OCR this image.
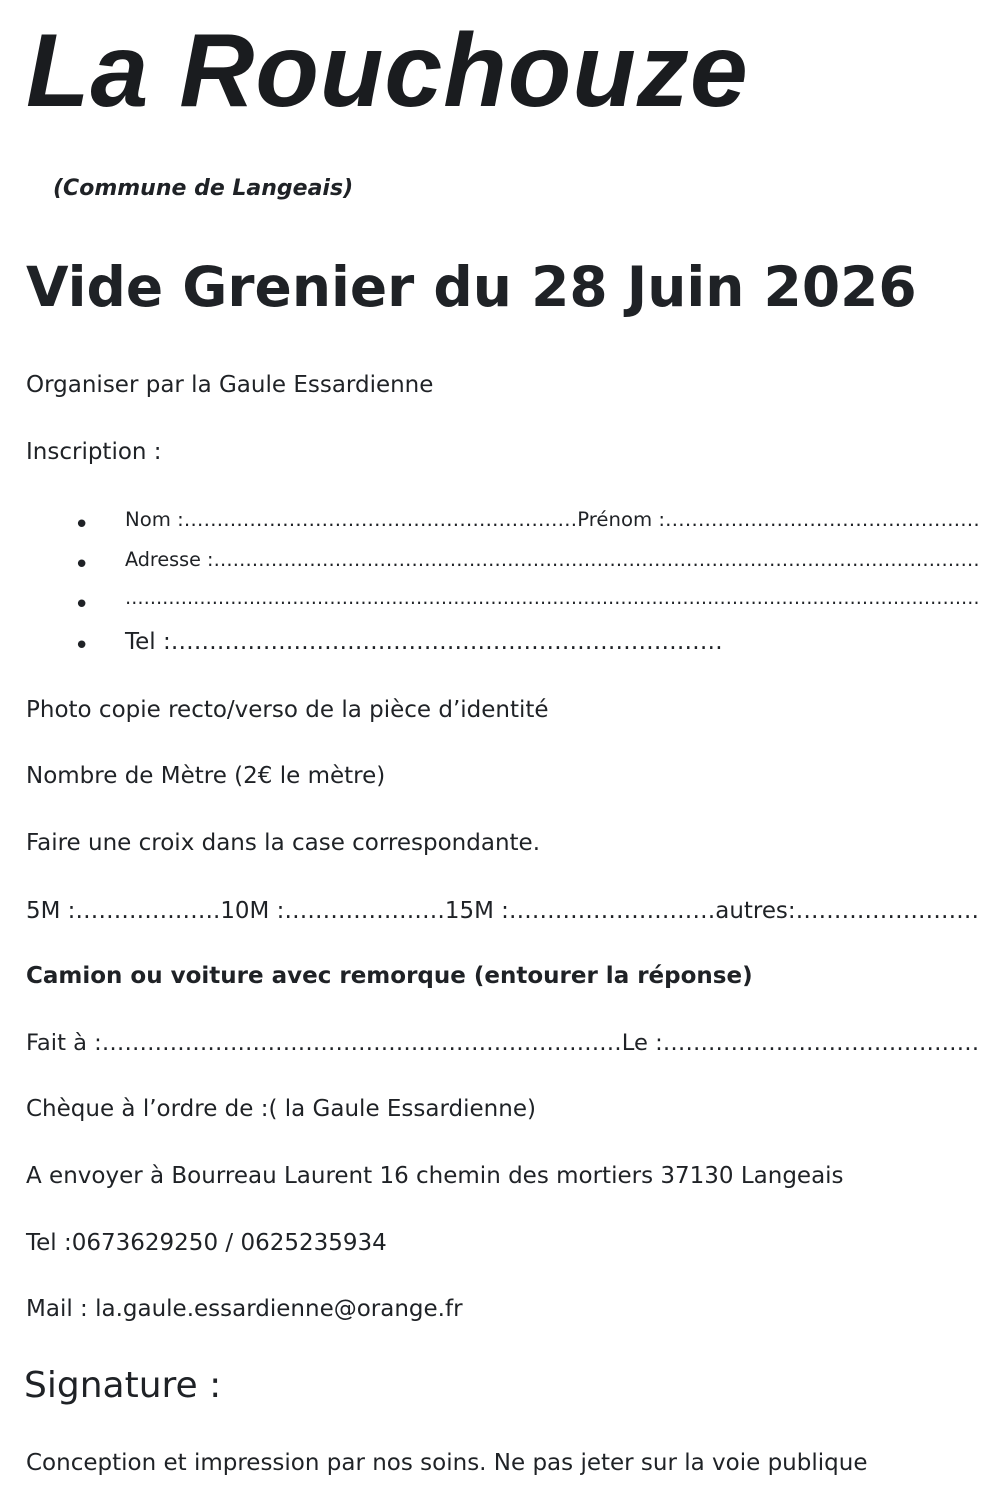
La Rouchouze
(Commune de Langeais)
Vide Grenier du 28 Juin 2026
Organiser par la Gaule Essardienne
Inscription :
• Nom :……………………………………………………Prénom :…………………………………………
• Adresse :…………………………………………………………………………………………………………
• …………………………………………………………………………………………………………………………
• Tel :………………………………………………………………
Photo copie recto/verso de la pièce d’identité
Nombre de Mètre (2€ le mètre)
Faire une croix dans la case correspondante.
5M :……………….10M :…………………15M :………………………autres:……………………
Camion ou voiture avec remorque (entourer la réponse)
Fait à :……………………………………………………………Le :……………………………………
Chèque à l’ordre de :( la Gaule Essardienne)
A envoyer à Bourreau Laurent 16 chemin des mortiers 37130 Langeais
Tel :0673629250 / 0625235934
Mail : la.gaule.essardienne@orange.fr
Signature :
Conception et impression par nos soins. Ne pas jeter sur la voie publique
